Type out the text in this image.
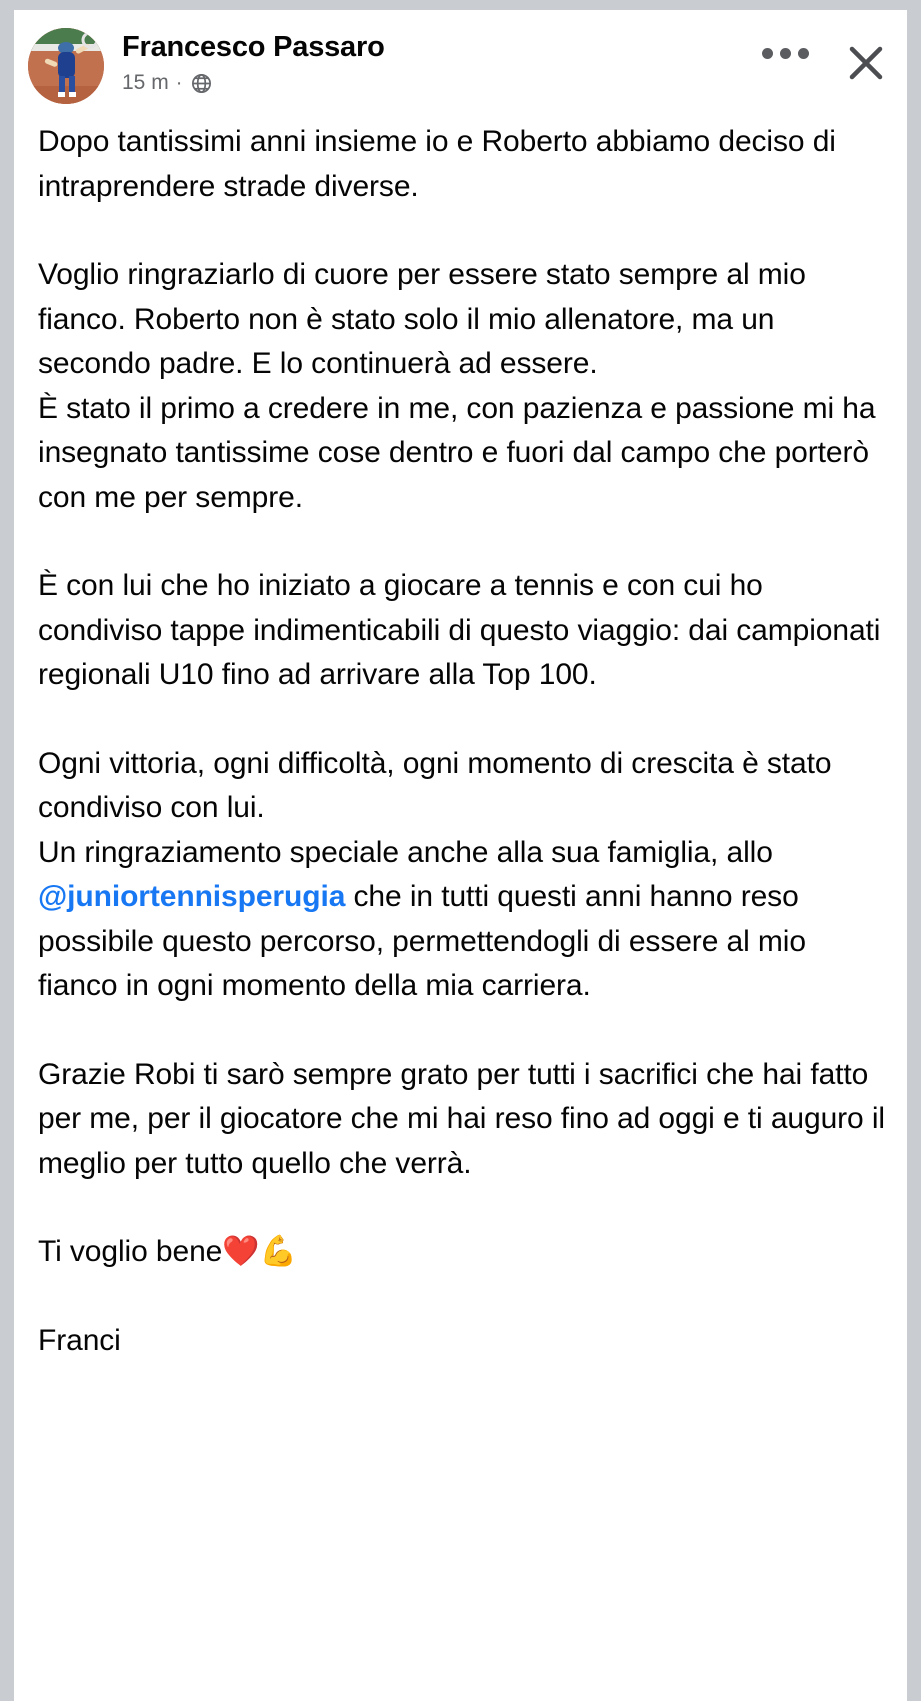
Francesco Passaro
15 m ·

Dopo tantissimi anni insieme io e Roberto abbiamo deciso di intraprendere strade diverse.

Voglio ringraziarlo di cuore per essere stato sempre al mio fianco. Roberto non è stato solo il mio allenatore, ma un secondo padre. E lo continuerà ad essere.

È stato il primo a credere in me, con pazienza e passione mi ha insegnato tantissime cose dentro e fuori dal campo che porterò con me per sempre.

È con lui che ho iniziato a giocare a tennis e con cui ho condiviso tappe indimenticabili di questo viaggio: dai campionati regionali U10 fino ad arrivare alla Top 100.

Ogni vittoria, ogni difficoltà, ogni momento di crescita è stato condiviso con lui.

Un ringraziamento speciale anche alla sua famiglia, allo @juniortennisperugia che in tutti questi anni hanno reso possibile questo percorso, permettendogli di essere al mio fianco in ogni momento della mia carriera.

Grazie Robi ti sarò sempre grato per tutti i sacrifici che hai fatto per me, per il giocatore che mi hai reso fino ad oggi e ti auguro il meglio per tutto quello che verrà.

Ti voglio bene❤️💪

Franci
